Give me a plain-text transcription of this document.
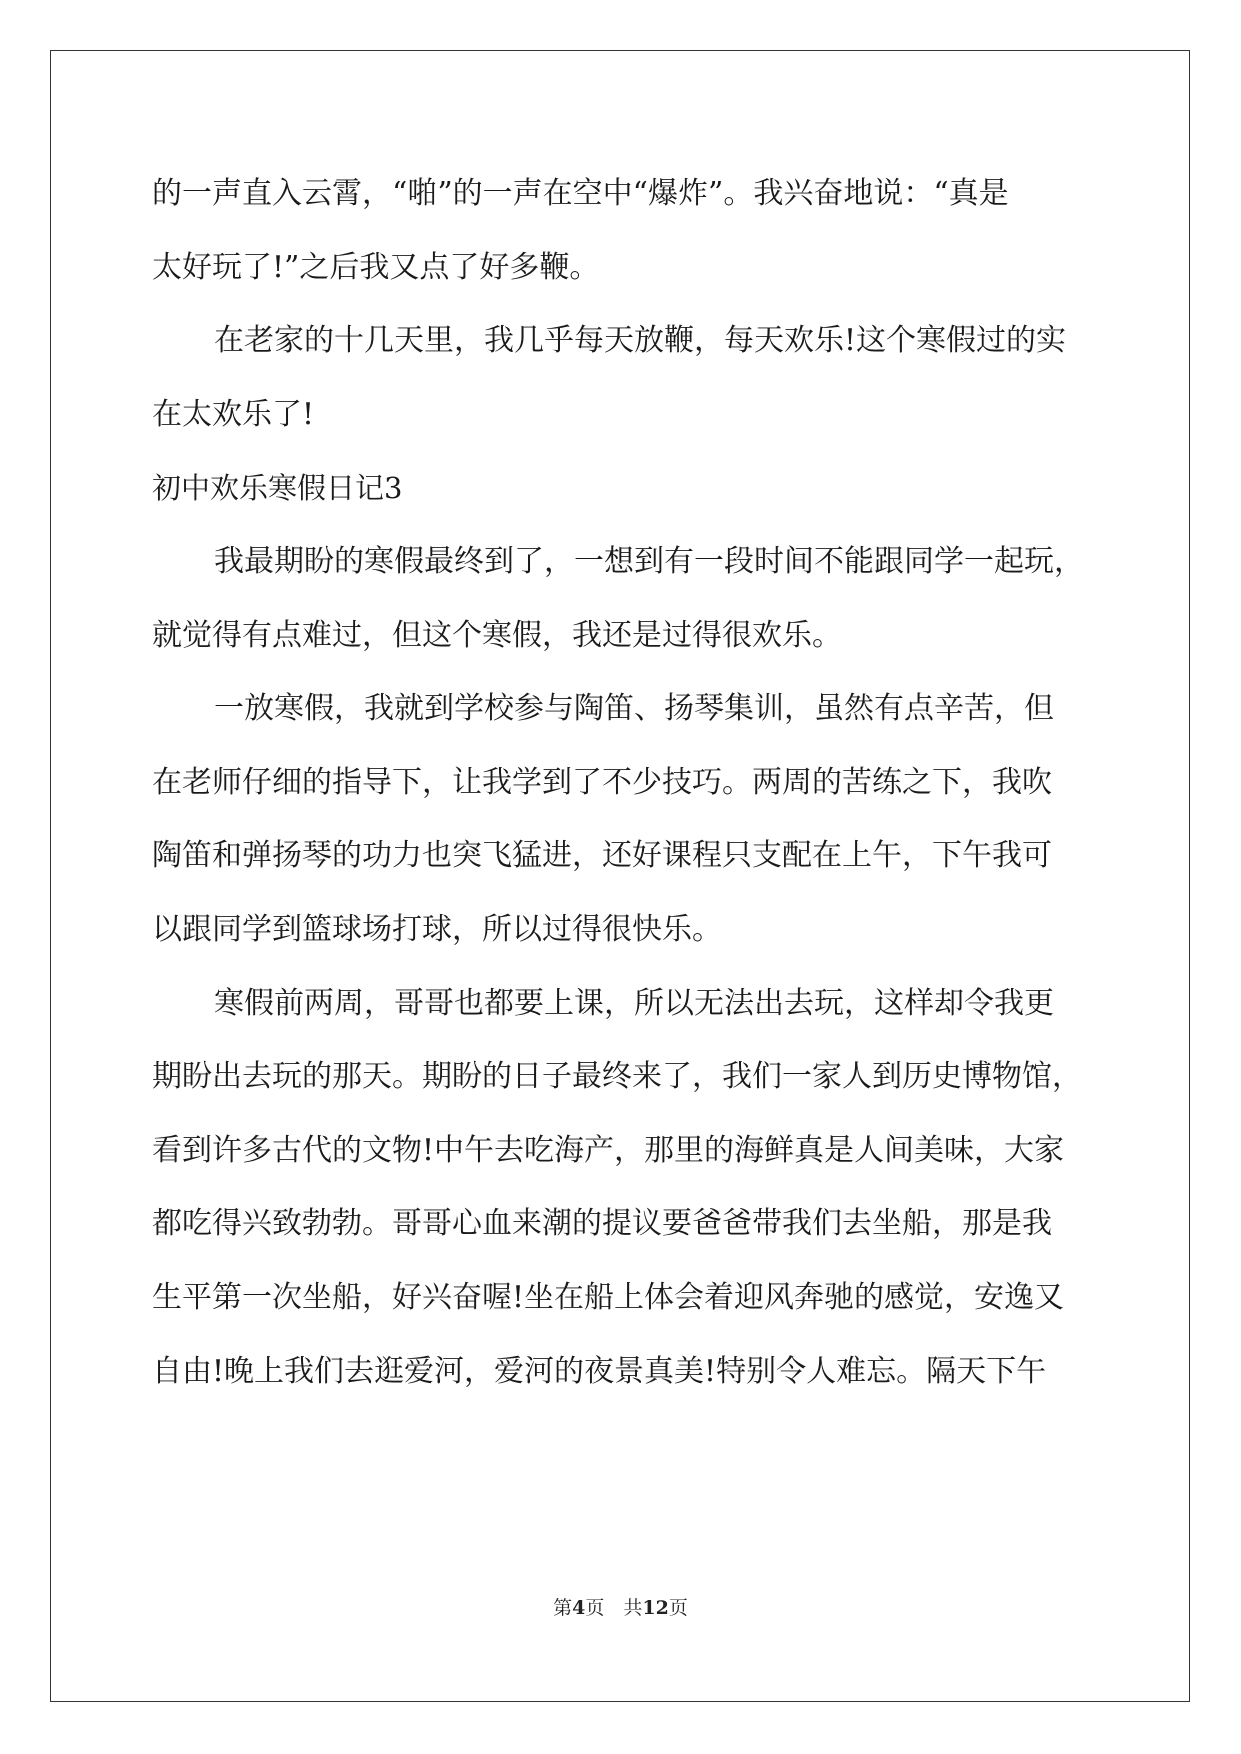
的一声直入云霄，“啪”的一声在空中“爆炸”。我兴奋地说：“真是
太好玩了!”之后我又点了好多鞭。
在老家的十几天里，我几乎每天放鞭，每天欢乐!这个寒假过的实
在太欢乐了!
初中欢乐寒假日记3
我最期盼的寒假最终到了，一想到有一段时间不能跟同学一起玩，
就觉得有点难过，但这个寒假，我还是过得很欢乐。
一放寒假，我就到学校参与陶笛、扬琴集训，虽然有点辛苦，但
在老师仔细的指导下，让我学到了不少技巧。两周的苦练之下，我吹
陶笛和弹扬琴的功力也突飞猛进，还好课程只支配在上午，下午我可
以跟同学到篮球场打球，所以过得很快乐。
寒假前两周，哥哥也都要上课，所以无法出去玩，这样却令我更
期盼出去玩的那天。期盼的日子最终来了，我们一家人到历史博物馆，
看到许多古代的文物!中午去吃海产，那里的海鲜真是人间美味，大家
都吃得兴致勃勃。哥哥心血来潮的提议要爸爸带我们去坐船，那是我
生平第一次坐船，好兴奋喔!坐在船上体会着迎风奔驰的感觉，安逸又
自由!晚上我们去逛爱河，爱河的夜景真美!特别令人难忘。隔天下午
第4页　共12页
